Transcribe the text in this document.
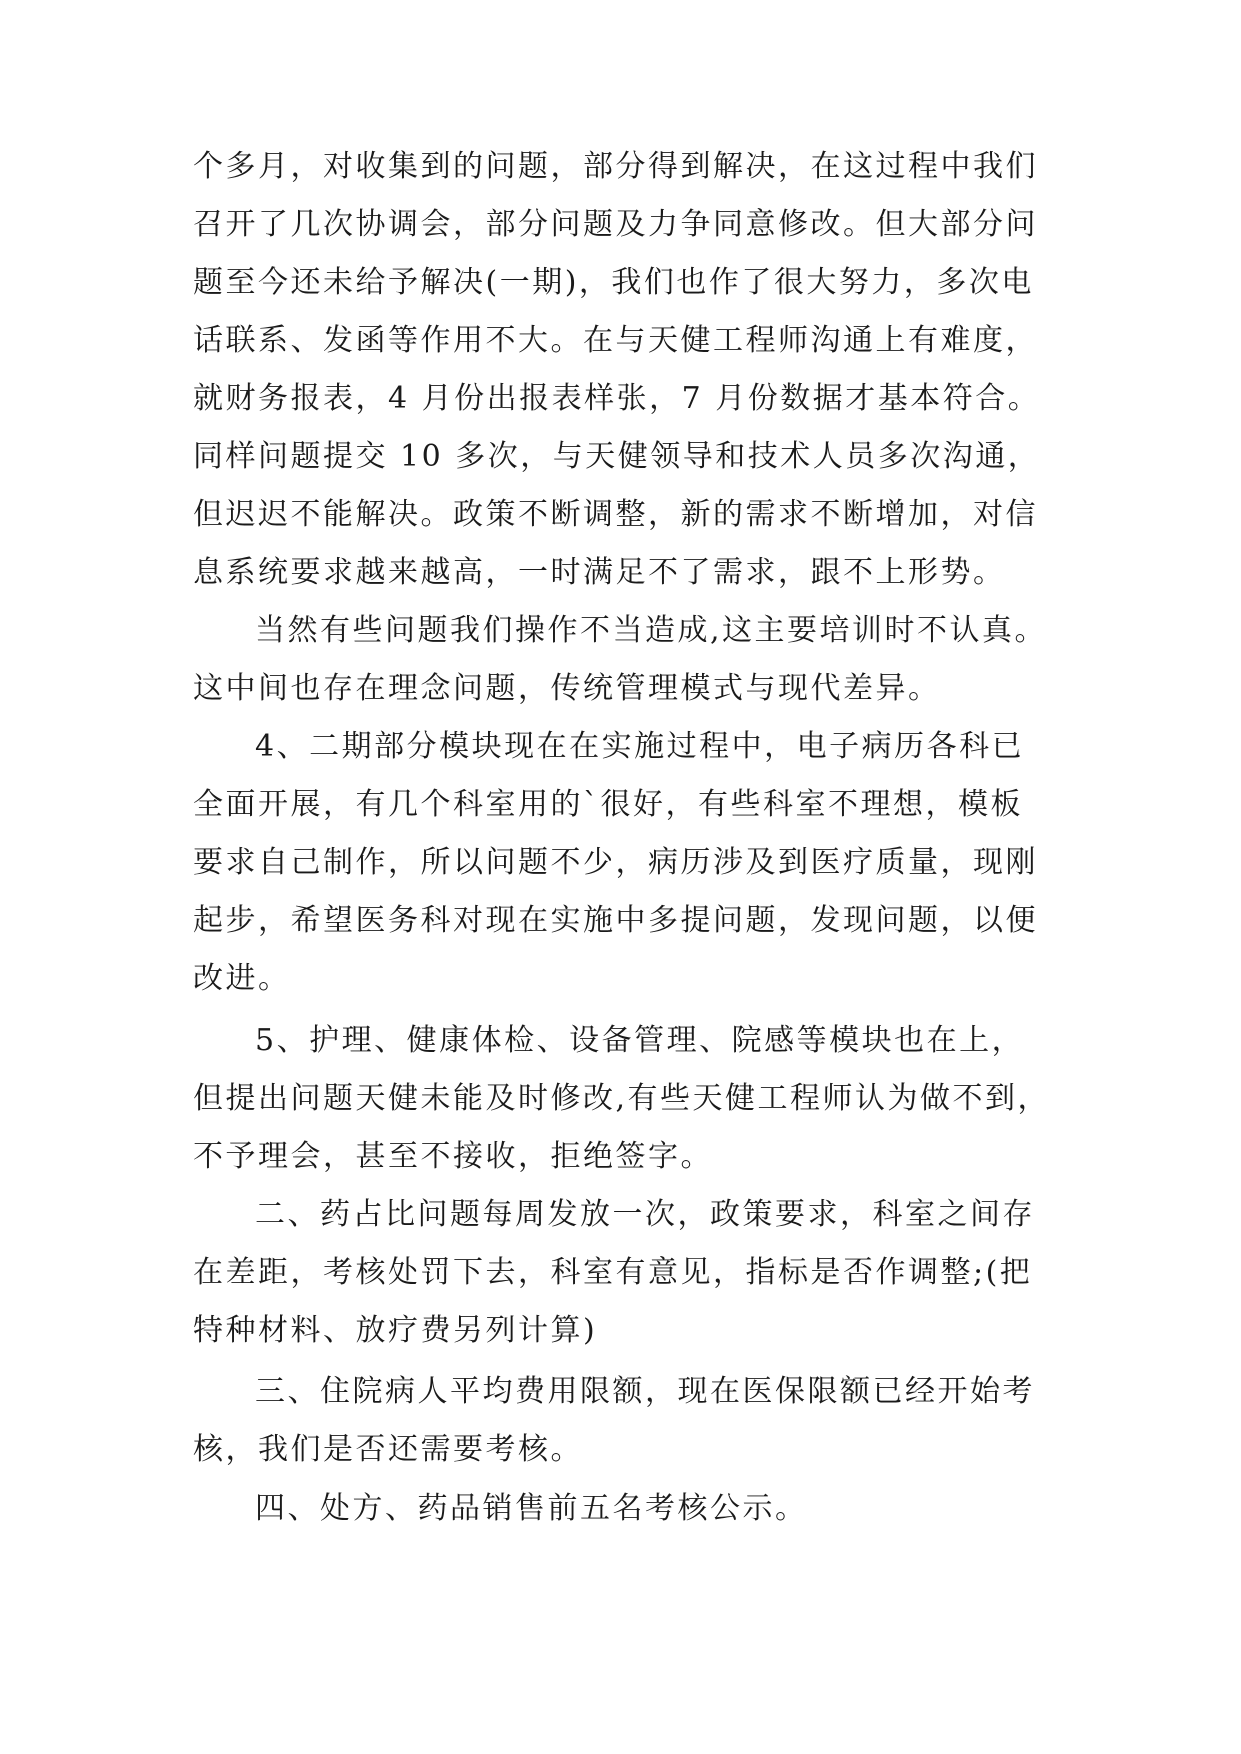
个多月，对收集到的问题，部分得到解决，在这过程中我们
召开了几次协调会，部分问题及力争同意修改。但大部分问
题至今还未给予解决(一期)，我们也作了很大努力，多次电
话联系、发函等作用不大。在与天健工程师沟通上有难度，
就财务报表，4 月份出报表样张，7 月份数据才基本符合。
同样问题提交 10 多次，与天健领导和技术人员多次沟通，
但迟迟不能解决。政策不断调整，新的需求不断增加，对信
息系统要求越来越高，一时满足不了需求，跟不上形势。
当然有些问题我们操作不当造成,这主要培训时不认真。
这中间也存在理念问题，传统管理模式与现代差异。
4、二期部分模块现在在实施过程中，电子病历各科已
全面开展，有几个科室用的`很好，有些科室不理想，模板
要求自己制作，所以问题不少，病历涉及到医疗质量，现刚
起步，希望医务科对现在实施中多提问题，发现问题，以便
改进。
5、护理、健康体检、设备管理、院感等模块也在上，
但提出问题天健未能及时修改,有些天健工程师认为做不到，
不予理会，甚至不接收，拒绝签字。
二、药占比问题每周发放一次，政策要求，科室之间存
在差距，考核处罚下去，科室有意见，指标是否作调整;(把
特种材料、放疗费另列计算)
三、住院病人平均费用限额，现在医保限额已经开始考
核，我们是否还需要考核。
四、处方、药品销售前五名考核公示。
